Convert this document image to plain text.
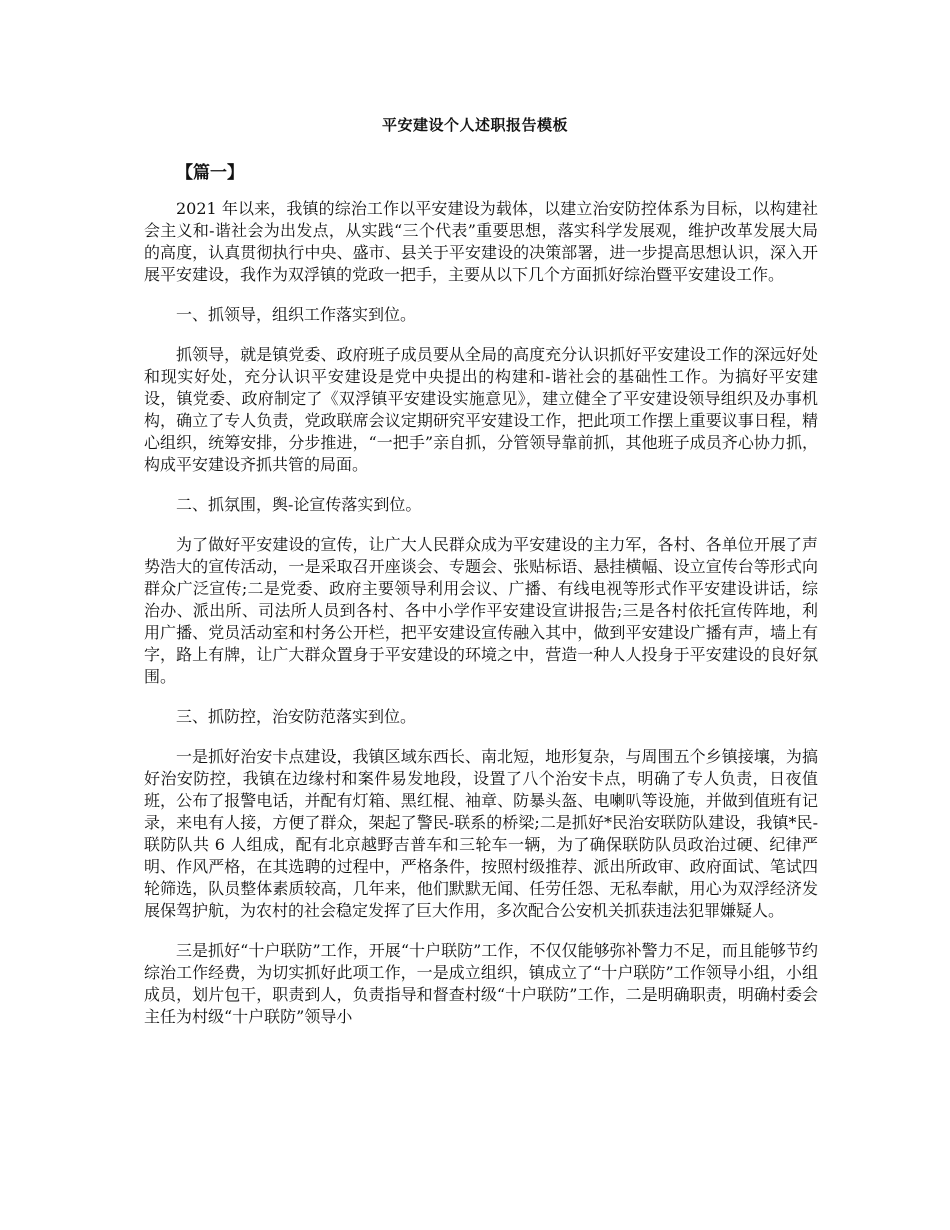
平安建设个人述职报告模板
【篇一】

2021 年以来，我镇的综治工作以平安建设为载体，以建立治安防控体系为目标，以构建社会主义和-谐社会为出发点，从实践“三个代表”重要思想，落实科学发展观，维护改革发展大局的高度，认真贯彻执行中央、盛市、县关于平安建设的决策部署，进一步提高思想认识，深入开展平安建设，我作为双浮镇的党政一把手，主要从以下几个方面抓好综治暨平安建设工作。

一、抓领导，组织工作落实到位。

抓领导，就是镇党委、政府班子成员要从全局的高度充分认识抓好平安建设工作的深远好处和现实好处，充分认识平安建设是党中央提出的构建和-谐社会的基础性工作。为搞好平安建设，镇党委、政府制定了《双浮镇平安建设实施意见》，建立健全了平安建设领导组织及办事机构，确立了专人负责，党政联席会议定期研究平安建设工作，把此项工作摆上重要议事日程，精心组织，统筹安排，分步推进，“一把手”亲自抓，分管领导靠前抓，其他班子成员齐心协力抓，构成平安建设齐抓共管的局面。

二、抓氛围，舆-论宣传落实到位。

为了做好平安建设的宣传，让广大人民群众成为平安建设的主力军，各村、各单位开展了声势浩大的宣传活动，一是采取召开座谈会、专题会、张贴标语、悬挂横幅、设立宣传台等形式向群众广泛宣传;二是党委、政府主要领导利用会议、广播、有线电视等形式作平安建设讲话，综治办、派出所、司法所人员到各村、各中小学作平安建设宣讲报告;三是各村依托宣传阵地，利用广播、党员活动室和村务公开栏，把平安建设宣传融入其中，做到平安建设广播有声，墙上有字，路上有牌，让广大群众置身于平安建设的环境之中，营造一种人人投身于平安建设的良好氛围。

三、抓防控，治安防范落实到位。

一是抓好治安卡点建设，我镇区域东西长、南北短，地形复杂，与周围五个乡镇接壤，为搞好治安防控，我镇在边缘村和案件易发地段，设置了八个治安卡点，明确了专人负责，日夜值班，公布了报警电话，并配有灯箱、黑红棍、袖章、防暴头盔、电喇叭等设施，并做到值班有记录，来电有人接，方便了群众，架起了警民-联系的桥梁;二是抓好*民治安联防队建设，我镇*民-联防队共 6 人组成，配有北京越野吉普车和三轮车一辆，为了确保联防队员政治过硬、纪律严明、作风严格，在其选聘的过程中，严格条件，按照村级推荐、派出所政审、政府面试、笔试四轮筛选，队员整体素质较高，几年来，他们默默无闻、任劳任怨、无私奉献，用心为双浮经济发展保驾护航，为农村的社会稳定发挥了巨大作用，多次配合公安机关抓获违法犯罪嫌疑人。

三是抓好“十户联防”工作，开展“十户联防”工作，不仅仅能够弥补警力不足，而且能够节约综治工作经费，为切实抓好此项工作，一是成立组织，镇成立了“十户联防”工作领导小组，小组成员，划片包干，职责到人，负责指导和督查村级“十户联防”工作，二是明确职责，明确村委会主任为村级“十户联防”领导小
